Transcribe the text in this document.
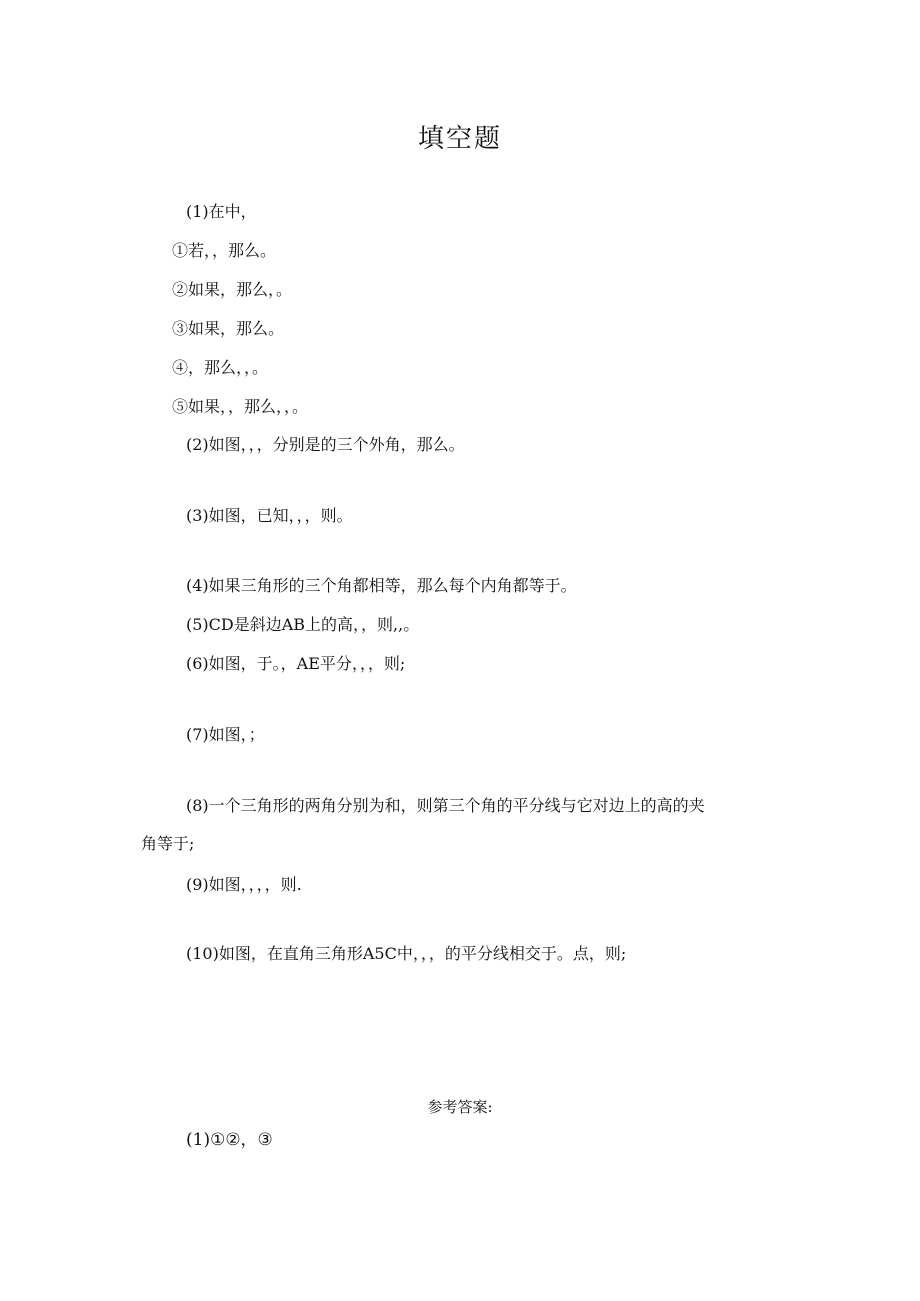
填空题
(1)在中，
①若，，那么。
②如果，那么，。
③如果，那么。
④，那么，，。
⑤如果，，那么，，。
(2)如图，，，分别是的三个外角，那么。
(3)如图，已知，，，则。
(4)如果三角形的三个角都相等，那么每个内角都等于。
(5)CD是斜边AB上的高，，则,,。
(6)如图，于。，AE平分，，，则;
(7)如图，；
(8)一个三角形的两角分别为和，则第三个角的平分线与它对边上的高的夹
角等于;
(9)如图，，，，则.
(10)如图，在直角三角形A5C中，，，的平分线相交于。点，则;
参考答案:
(1)①②，③
